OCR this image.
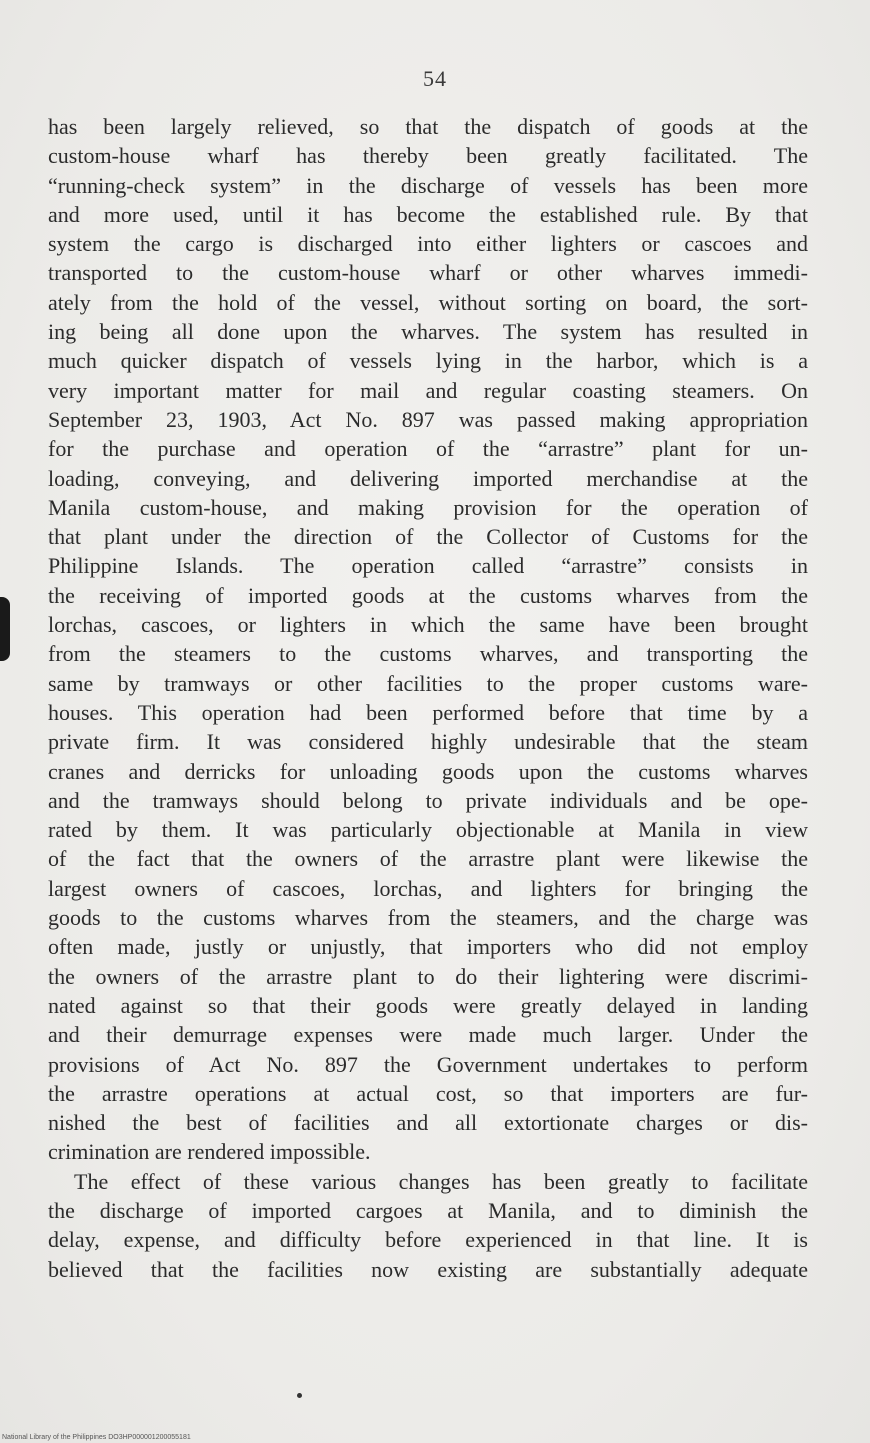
54

has been largely relieved, so that the dispatch of goods at the
custom-house wharf has thereby been greatly facilitated. The
“running-check system” in the discharge of vessels has been more
and more used, until it has become the established rule. By that
system the cargo is discharged into either lighters or cascoes and
transported to the custom-house wharf or other wharves immedi-
ately from the hold of the vessel, without sorting on board, the sort-
ing being all done upon the wharves. The system has resulted in
much quicker dispatch of vessels lying in the harbor, which is a
very important matter for mail and regular coasting steamers. On
September 23, 1903, Act No. 897 was passed making appropriation
for the purchase and operation of the “arrastre” plant for un-
loading, conveying, and delivering imported merchandise at the
Manila custom-house, and making provision for the operation of
that plant under the direction of the Collector of Customs for the
Philippine Islands. The operation called “arrastre” consists in
the receiving of imported goods at the customs wharves from the
lorchas, cascoes, or lighters in which the same have been brought
from the steamers to the customs wharves, and transporting the
same by tramways or other facilities to the proper customs ware-
houses. This operation had been performed before that time by a
private firm. It was considered highly undesirable that the steam
cranes and derricks for unloading goods upon the customs wharves
and the tramways should belong to private individuals and be ope-
rated by them. It was particularly objectionable at Manila in view
of the fact that the owners of the arrastre plant were likewise the
largest owners of cascoes, lorchas, and lighters for bringing the
goods to the customs wharves from the steamers, and the charge was
often made, justly or unjustly, that importers who did not employ
the owners of the arrastre plant to do their lightering were discrimi-
nated against so that their goods were greatly delayed in landing
and their demurrage expenses were made much larger. Under the
provisions of Act No. 897 the Government undertakes to perform
the arrastre operations at actual cost, so that importers are fur-
nished the best of facilities and all extortionate charges or dis-
crimination are rendered impossible.

The effect of these various changes has been greatly to facilitate
the discharge of imported cargoes at Manila, and to diminish the
delay, expense, and difficulty before experienced in that line. It is
believed that the facilities now existing are substantially adequate

National Library of the Philippines DO3HP000001200055181
